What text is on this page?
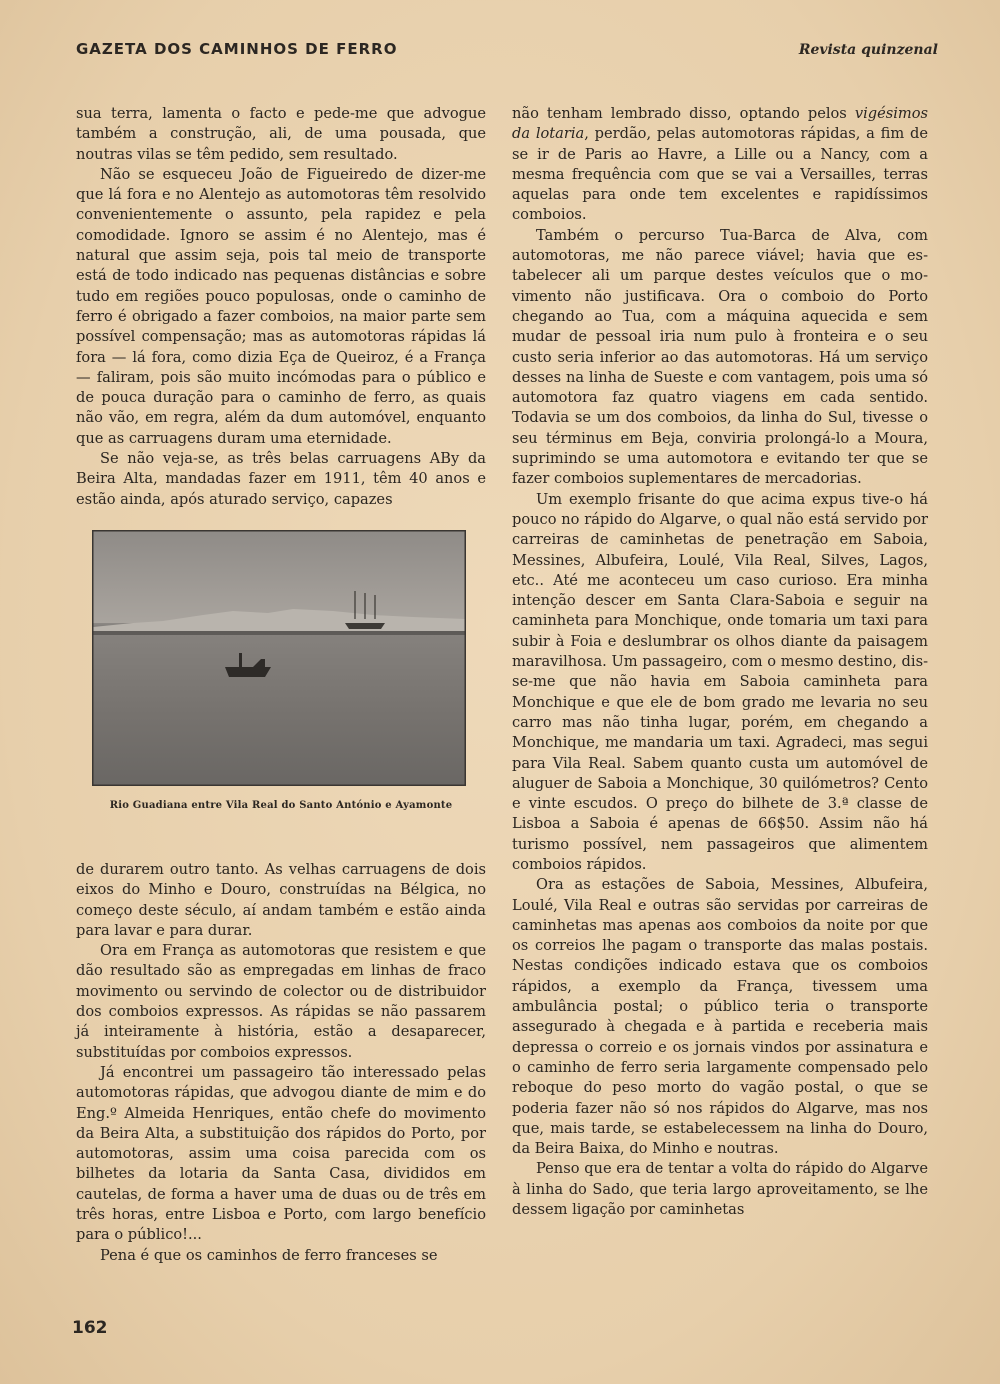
GAZETA DOS CAMINHOS DE FERRO	Revista quinzenal

sua terra, lamenta o facto e pede-me que advogue também a construção, ali, de uma pousada, que noutras vilas se têm pedido, sem resultado.

Não se esqueceu João de Figueiredo de dizer-me que lá fora e no Alentejo as automotoras têm resolvido convenientemente o assunto, pela rapidez e pela comodidade. Ignoro se assim é no Alentejo, mas é natural que assim seja, pois tal meio de transporte está de todo indicado nas pequenas distâncias e sobre tudo em regiões pouco populosas, onde o caminho de ferro é obrigado a fazer comboios, na maior parte sem possível compensação; mas as automotoras rápidas lá fora — lá fora, como dizia Eça de Queiroz, é a França — faliram, pois são muito incómodas para o público e de pouca duração para o caminho de ferro, as quais não vão, em regra, além da dum automóvel, enquanto que as carruagens duram uma eternidade.

Se não veja-se, as três belas carruagens ABy da Beira Alta, mandadas fazer em 1911, têm 40 anos e estão ainda, após aturado serviço, capazes

Rio Guadiana entre Vila Real do Santo António e Ayamonte

de durarem outro tanto. As velhas carruagens de dois eixos do Minho e Douro, construídas na Bélgica, no começo deste século, aí andam também e estão ainda para lavar e para durar.

Ora em França as automotoras que resistem e que dão resultado são as empregadas em linhas de fraco movimento ou servindo de colector ou de distribuidor dos comboios expressos. As rápidas se não passarem já inteiramente à história, estão a desaparecer, substituídas por comboios expressos.

Já encontrei um passageiro tão interessado pelas automotoras rápidas, que advogou diante de mim e do Eng.º Almeida Henriques, então chefe do movimento da Beira Alta, a substituição dos rápidos do Porto, por automotoras, assim uma coisa parecida com os bilhetes da lotaria da Santa Casa, divididos em cautelas, de forma a haver uma de duas ou de três em três horas, entre Lisboa e Porto, com largo benefício para o público!...

Pena é que os caminhos de ferro franceses se

não tenham lembrado disso, optando pelos vigésimos da lotaria, perdão, pelas automotoras rápidas, a fim de se ir de Paris ao Havre, a Lille ou a Nancy, com a mesma frequência com que se vai a Versailles, terras aquelas para onde tem excelentes e rapidíssimos comboios.

Também o percurso Tua-Barca de Alva, com automotoras, me não parece viável; havia que estabelecer ali um parque destes veículos que o movimento não justificava. Ora o comboio do Porto chegando ao Tua, com a máquina aquecida e sem mudar de pessoal iria num pulo à fronteira e o seu custo seria inferior ao das automotoras. Há um serviço desses na linha de Sueste e com vantagem, pois uma só automotora faz quatro viagens em cada sentido. Todavia se um dos comboios, da linha do Sul, tivesse o seu términus em Beja, conviria prolongá-lo a Moura, suprimindo se uma automotora e evitando ter que se fazer comboios suplementares de mercadorias.

Um exemplo frisante do que acima expus tive-o há pouco no rápido do Algarve, o qual não está servido por carreiras de caminhetas de penetração em Saboia, Messines, Albufeira, Loulé, Vila Real, Silves, Lagos, etc.. Até me aconteceu um caso curioso. Era minha intenção descer em Santa Clara-Saboia e seguir na caminheta para Monchique, onde tomaria um taxi para subir à Foia e deslumbrar os olhos diante da paisagem maravilhosa. Um passageiro, com o mesmo destino, disse-me que não havia em Saboia caminheta para Monchique e que ele de bom grado me levaria no seu carro mas não tinha lugar, porém, em chegando a Monchique, me mandaria um taxi. Agradeci, mas segui para Vila Real. Sabem quanto custa um automóvel de aluguer de Saboia a Monchique, 30 quilómetros? Cento e vinte escudos. O preço do bilhete de 3.ª classe de Lisboa a Saboia é apenas de 66$50. Assim não há turismo possível, nem passageiros que alimentem comboios rápidos.

Ora as estações de Saboia, Messines, Albufeira, Loulé, Vila Real e outras são servidas por carreiras de caminhetas mas apenas aos comboios da noite por que os correios lhe pagam o transporte das malas postais. Nestas condições indicado estava que os comboios rápidos, a exemplo da França, tivessem uma ambulância postal; o público teria o transporte assegurado à chegada e à partida e receberia mais depressa o correio e os jornais vindos por assinatura e o caminho de ferro seria largamente compensado pelo reboque do peso morto do vagão postal, o que se poderia fazer não só nos rápidos do Algarve, mas nos que, mais tarde, se estabelecessem na linha do Douro, da Beira Baixa, do Minho e noutras.

Penso que era de tentar a volta do rápido do Algarve à linha do Sado, que teria largo aproveitamento, se lhe dessem ligação por caminhetas

162
